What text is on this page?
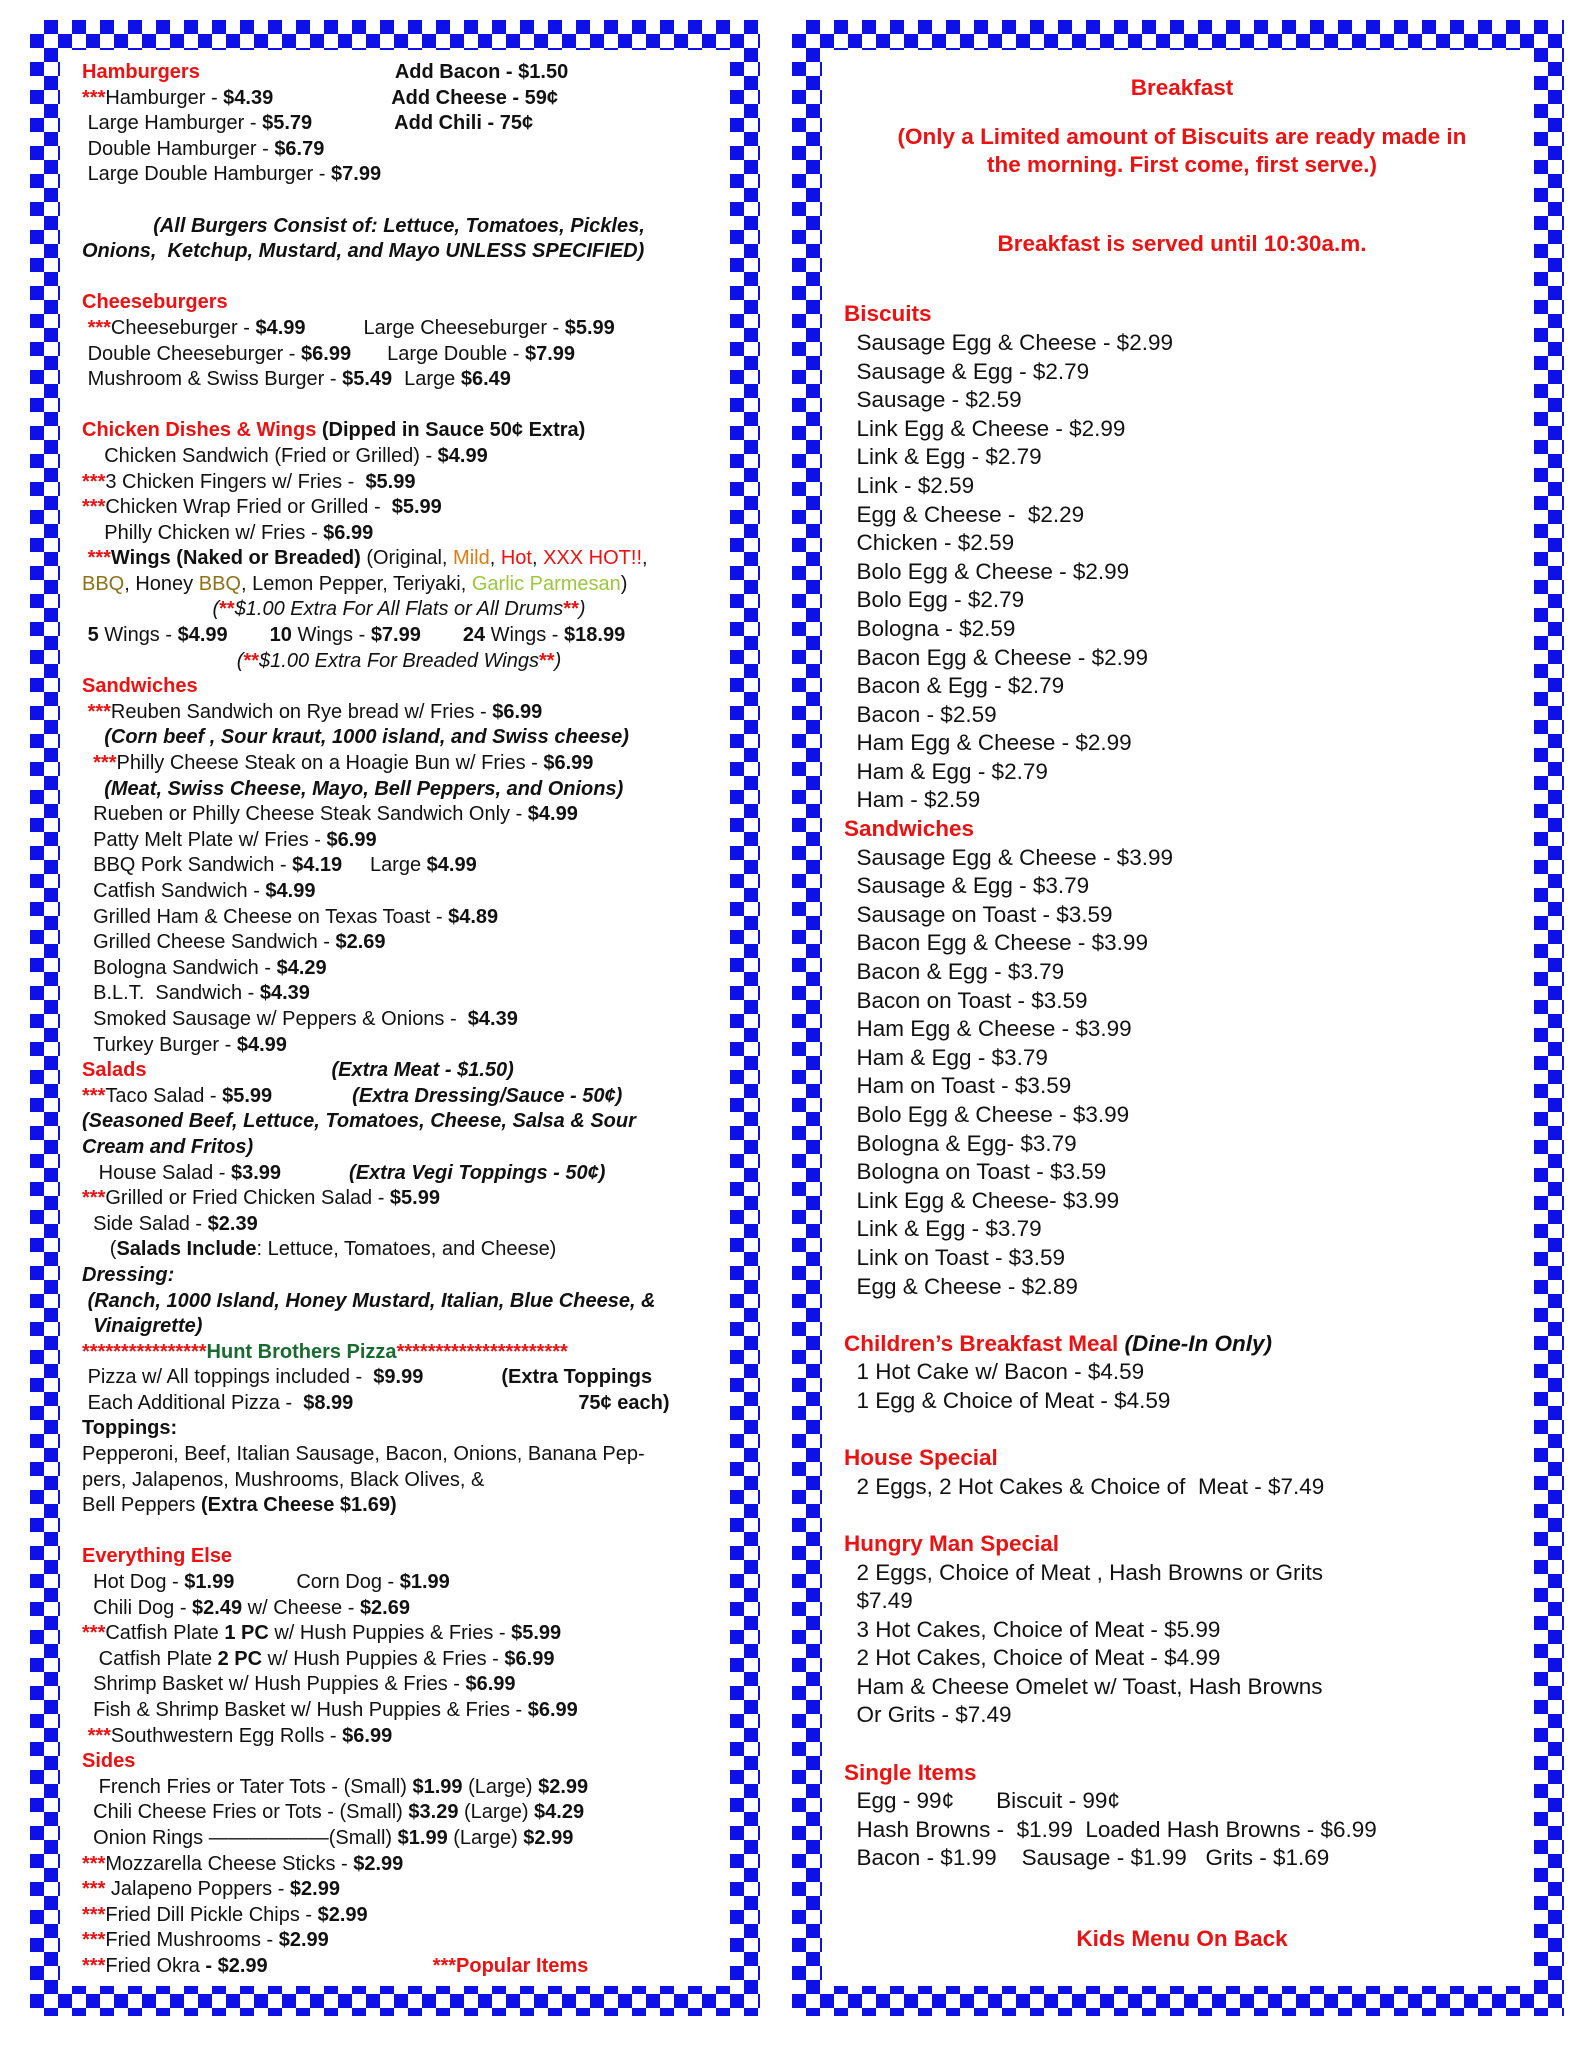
Hamburgers	Add Bacon - $1.50
***Hamburger - $4.39	Add Cheese - 59¢
Large Hamburger - $5.79	Add Chili - 75¢
Double Hamburger - $6.79
Large Double Hamburger - $7.99

(All Burgers Consist of: Lettuce, Tomatoes, Pickles,
Onions,  Ketchup, Mustard, and Mayo UNLESS SPECIFIED)

Cheeseburgers
***Cheeseburger - $4.99	Large Cheeseburger - $5.99
Double Cheeseburger - $6.99 Large Double - $7.99
Mushroom & Swiss Burger - $5.49 Large $6.49

Chicken Dishes & Wings (Dipped in Sauce 50¢ Extra)
Chicken Sandwich (Fried or Grilled) - $4.99
***3 Chicken Fingers w/ Fries -  $5.99
***Chicken Wrap Fried or Grilled -  $5.99
Philly Chicken w/ Fries - $6.99
***Wings (Naked or Breaded) (Original, Mild, Hot, XXX HOT!!,
BBQ, Honey BBQ, Lemon Pepper, Teriyaki, Garlic Parmesan)
(**$1.00 Extra For All Flats or All Drums**)
5 Wings - $4.99 10 Wings - $7.99 24 Wings - $18.99
(**$1.00 Extra For Breaded Wings**)
Sandwiches
***Reuben Sandwich on Rye bread w/ Fries - $6.99
(Corn beef , Sour kraut, 1000 island, and Swiss cheese)
***Philly Cheese Steak on a Hoagie Bun w/ Fries - $6.99
(Meat, Swiss Cheese, Mayo, Bell Peppers, and Onions)
Rueben or Philly Cheese Steak Sandwich Only - $4.99
Patty Melt Plate w/ Fries - $6.99
BBQ Pork Sandwich - $4.19     Large $4.99
Catfish Sandwich - $4.99
Grilled Ham & Cheese on Texas Toast - $4.89
Grilled Cheese Sandwich - $2.69
Bologna Sandwich - $4.29
B.L.T.  Sandwich - $4.39
Smoked Sausage w/ Peppers & Onions -  $4.39
Turkey Burger - $4.99
Salads	(Extra Meat - $1.50)
***Taco Salad - $5.99	(Extra Dressing/Sauce - 50¢)
(Seasoned Beef, Lettuce, Tomatoes, Cheese, Salsa & Sour
Cream and Fritos)
House Salad - $3.99	(Extra Vegi Toppings - 50¢)
***Grilled or Fried Chicken Salad - $5.99
Side Salad - $2.39
(Salads Include: Lettuce, Tomatoes, and Cheese)
Dressing:
(Ranch, 1000 Island, Honey Mustard, Italian, Blue Cheese, &
Vinaigrette)
****************Hunt Brothers Pizza**********************
Pizza w/ All toppings included -  $9.99	(Extra Toppings
Each Additional Pizza -  $8.99	75¢ each)
Toppings:
Pepperoni, Beef, Italian Sausage, Bacon, Onions, Banana Pep-
pers, Jalapenos, Mushrooms, Black Olives, &
Bell Peppers (Extra Cheese $1.69)

Everything Else
Hot Dog - $1.99	Corn Dog - $1.99
Chili Dog - $2.49 w/ Cheese - $2.69
***Catfish Plate 1 PC w/ Hush Puppies & Fries - $5.99
Catfish Plate 2 PC w/ Hush Puppies & Fries - $6.99
Shrimp Basket w/ Hush Puppies & Fries - $6.99
Fish & Shrimp Basket w/ Hush Puppies & Fries - $6.99
***Southwestern Egg Rolls - $6.99
Sides
French Fries or Tater Tots - (Small) $1.99 (Large) $2.99
Chili Cheese Fries or Tots - (Small) $3.29 (Large) $4.29
Onion Rings ——————(Small) $1.99 (Large) $2.99
***Mozzarella Cheese Sticks - $2.99
*** Jalapeno Poppers - $2.99
***Fried Dill Pickle Chips - $2.99
***Fried Mushrooms - $2.99
***Fried Okra - $2.99	***Popular Items
Breakfast
(Only a Limited amount of Biscuits are ready made in
the morning. First come, first serve.)
Breakfast is served until 10:30a.m.
Biscuits
Sausage Egg & Cheese - $2.99
Sausage & Egg - $2.79
Sausage - $2.59
Link Egg & Cheese - $2.99
Link & Egg - $2.79
Link - $2.59
Egg & Cheese -  $2.29
Chicken - $2.59
Bolo Egg & Cheese - $2.99
Bolo Egg - $2.79
Bologna - $2.59
Bacon Egg & Cheese - $2.99
Bacon & Egg - $2.79
Bacon - $2.59
Ham Egg & Cheese - $2.99
Ham & Egg - $2.79
Ham - $2.59
Sandwiches
Sausage Egg & Cheese - $3.99
Sausage & Egg - $3.79
Sausage on Toast - $3.59
Bacon Egg & Cheese - $3.99
Bacon & Egg - $3.79
Bacon on Toast - $3.59
Ham Egg & Cheese - $3.99
Ham & Egg - $3.79
Ham on Toast - $3.59
Bolo Egg & Cheese - $3.99
Bologna & Egg- $3.79
Bologna on Toast - $3.59
Link Egg & Cheese- $3.99
Link & Egg - $3.79
Link on Toast - $3.59
Egg & Cheese - $2.89

Children’s Breakfast Meal (Dine-In Only)
1 Hot Cake w/ Bacon - $4.59
1 Egg & Choice of Meat - $4.59

House Special
2 Eggs, 2 Hot Cakes & Choice of  Meat - $7.49

Hungry Man Special
2 Eggs, Choice of Meat , Hash Browns or Grits
$7.49
3 Hot Cakes, Choice of Meat - $5.99
2 Hot Cakes, Choice of Meat - $4.99
Ham & Cheese Omelet w/ Toast, Hash Browns
Or Grits - $7.49

Single Items
Egg - 99¢ Biscuit - 99¢
Hash Browns -  $1.99  Loaded Hash Browns - $6.99
Bacon - $1.99    Sausage - $1.99   Grits - $1.69
Kids Menu On Back
